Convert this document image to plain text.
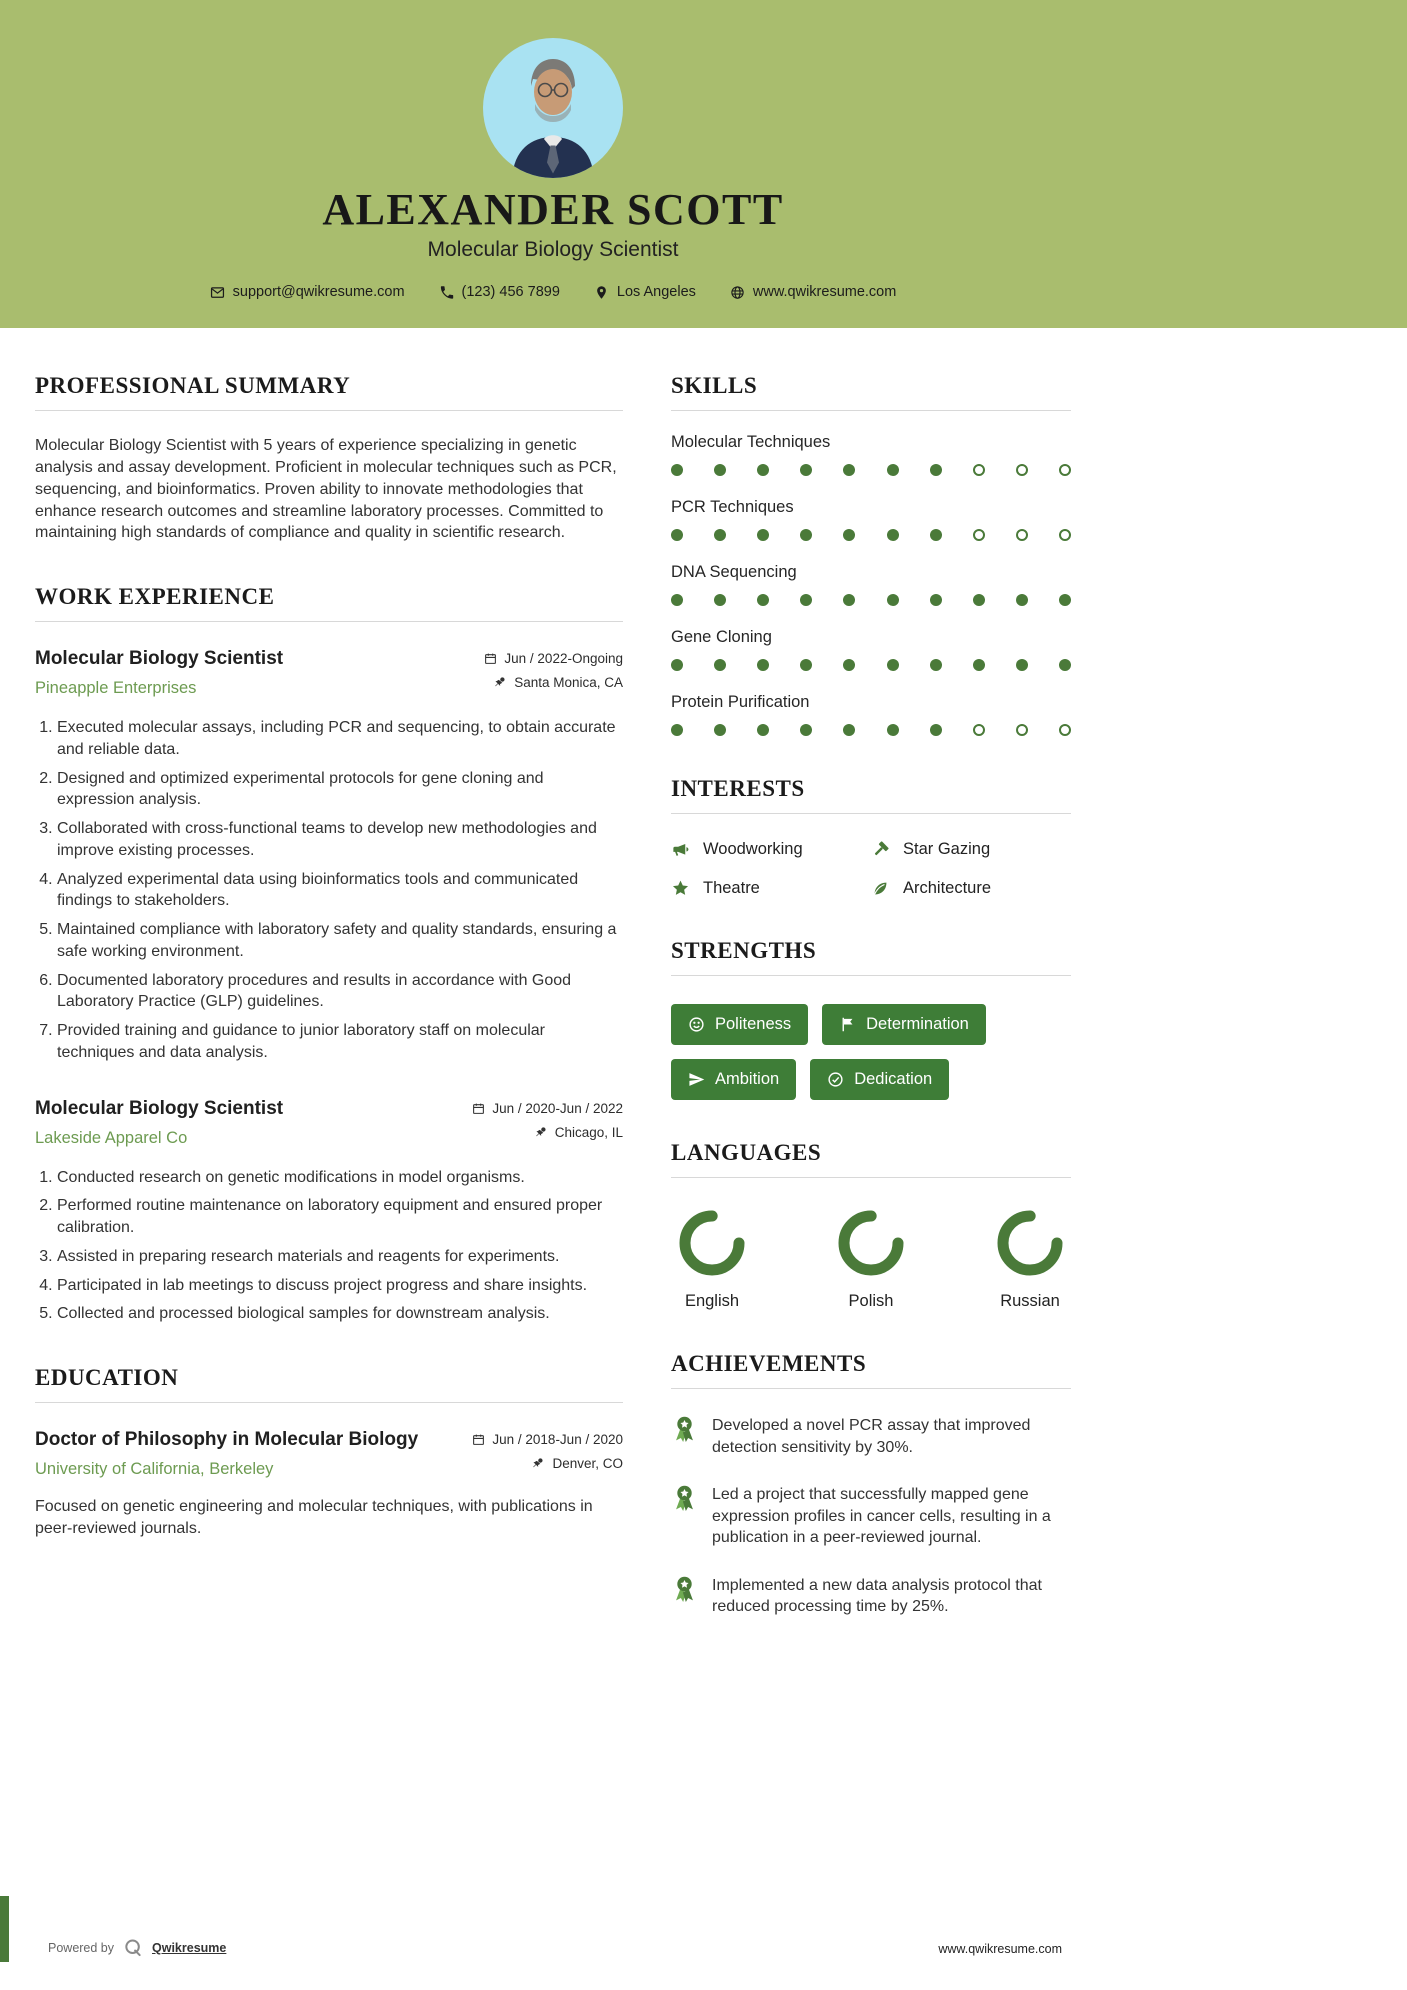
ALEXANDER SCOTT
Molecular Biology Scientist
support@qwikresume.com	(123) 456 7899	Los Angeles	www.qwikresume.com
PROFESSIONAL SUMMARY

Molecular Biology Scientist with 5 years of experience specializing in genetic analysis and assay development. Proficient in molecular techniques such as PCR, sequencing, and bioinformatics. Proven ability to innovate methodologies that enhance research outcomes and streamline laboratory processes. Committed to maintaining high standards of compliance and quality in scientific research.

WORK EXPERIENCE
Molecular Biology Scientist
Pineapple Enterprises
Jun / 2022-Ongoing
Santa Monica, CA
1. Executed molecular assays, including PCR and sequencing, to obtain accurate and reliable data.
2. Designed and optimized experimental protocols for gene cloning and expression analysis.
3. Collaborated with cross-functional teams to develop new methodologies and improve existing processes.
4. Analyzed experimental data using bioinformatics tools and communicated findings to stakeholders.
5. Maintained compliance with laboratory safety and quality standards, ensuring a safe working environment.
6. Documented laboratory procedures and results in accordance with Good Laboratory Practice (GLP) guidelines.
7. Provided training and guidance to junior laboratory staff on molecular techniques and data analysis.
Molecular Biology Scientist
Lakeside Apparel Co
Jun / 2020-Jun / 2022
Chicago, IL
1. Conducted research on genetic modifications in model organisms.
2. Performed routine maintenance on laboratory equipment and ensured proper calibration.
3. Assisted in preparing research materials and reagents for experiments.
4. Participated in lab meetings to discuss project progress and share insights.
5. Collected and processed biological samples for downstream analysis.
EDUCATION
Doctor of Philosophy in Molecular Biology
University of California, Berkeley
Jun / 2018-Jun / 2020
Denver, CO

Focused on genetic engineering and molecular techniques, with publications in peer-reviewed journals.

SKILLS
Molecular Techniques
PCR Techniques
DNA Sequencing
Gene Cloning
Protein Purification
INTERESTS
Woodworking	Star Gazing
Theatre	Architecture
STRENGTHS
Politeness	Determination
Ambition	Dedication
LANGUAGES
English	Polish	Russian
ACHIEVEMENTS

Developed a novel PCR assay that improved detection sensitivity by 30%.

Led a project that successfully mapped gene expression profiles in cancer cells, resulting in a publication in a peer-reviewed journal.

Implemented a new data analysis protocol that reduced processing time by 25%.

Powered by	Qwikresume	www.qwikresume.com
